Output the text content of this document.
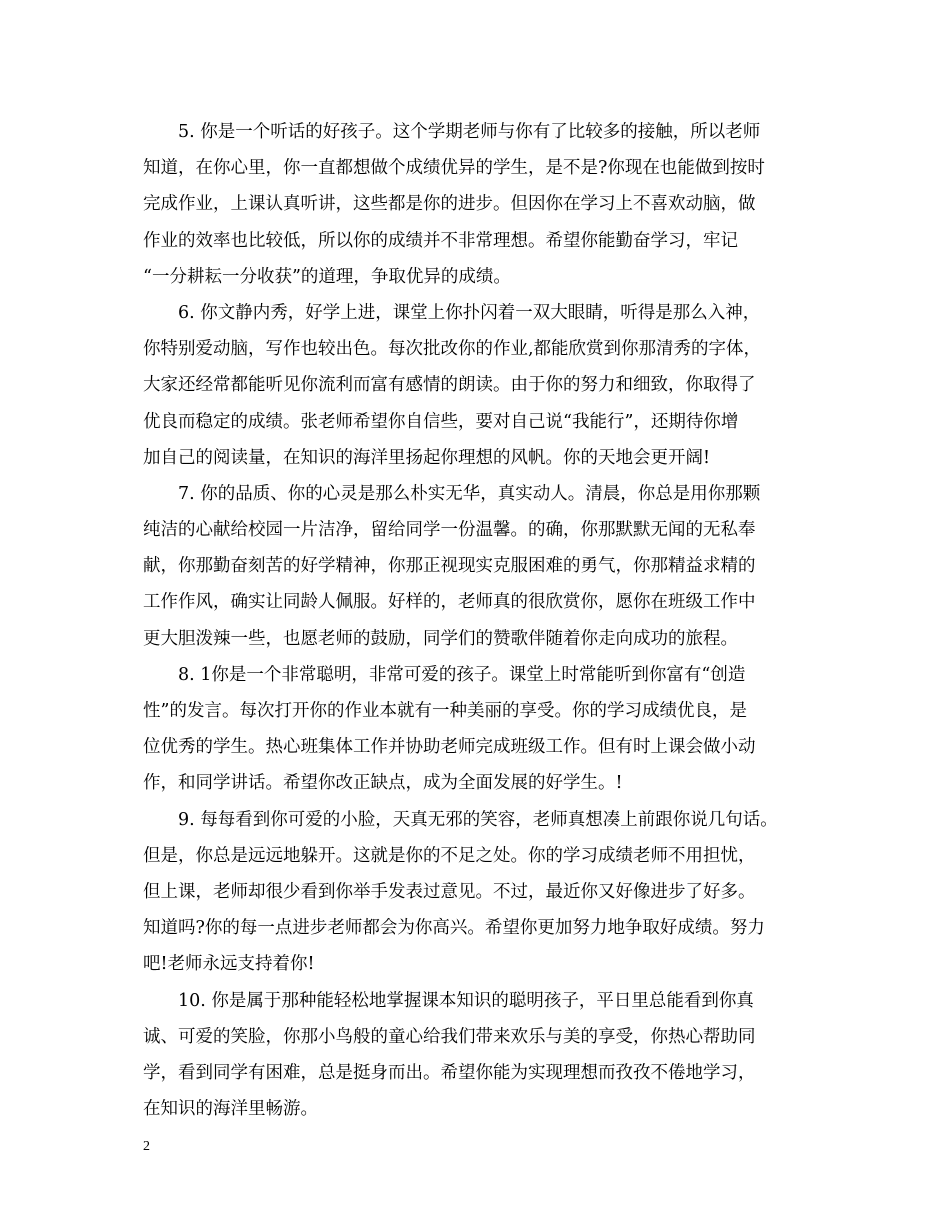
5. 你是一个听话的好孩子。这个学期老师与你有了比较多的接触，所以老师
知道，在你心里，你一直都想做个成绩优异的学生，是不是?你现在也能做到按时
完成作业，上课认真听讲，这些都是你的进步。但因你在学习上不喜欢动脑，做
作业的效率也比较低，所以你的成绩并不非常理想。希望你能勤奋学习，牢记
“一分耕耘一分收获”的道理，争取优异的成绩。
6. 你文静内秀，好学上进，课堂上你扑闪着一双大眼睛，听得是那么入神，
你特别爱动脑，写作也较出色。每次批改你的作业,都能欣赏到你那清秀的字体，
大家还经常都能听见你流利而富有感情的朗读。由于你的努力和细致，你取得了
优良而稳定的成绩。张老师希望你自信些，要对自己说“我能行”，还期待你增
加自己的阅读量，在知识的海洋里扬起你理想的风帆。你的天地会更开阔!
7. 你的品质、你的心灵是那么朴实无华，真实动人。清晨，你总是用你那颗
纯洁的心献给校园一片洁净，留给同学一份温馨。的确，你那默默无闻的无私奉
献，你那勤奋刻苦的好学精神，你那正视现实克服困难的勇气，你那精益求精的
工作作风，确实让同龄人佩服。好样的，老师真的很欣赏你，愿你在班级工作中
更大胆泼辣一些，也愿老师的鼓励，同学们的赞歌伴随着你走向成功的旅程。
8. 1你是一个非常聪明，非常可爱的孩子。课堂上时常能听到你富有“创造
性”的发言。每次打开你的作业本就有一种美丽的享受。你的学习成绩优良，是
位优秀的学生。热心班集体工作并协助老师完成班级工作。但有时上课会做小动
作，和同学讲话。希望你改正缺点，成为全面发展的好学生。!
9. 每每看到你可爱的小脸，天真无邪的笑容，老师真想凑上前跟你说几句话。
但是，你总是远远地躲开。这就是你的不足之处。你的学习成绩老师不用担忧，
但上课，老师却很少看到你举手发表过意见。不过，最近你又好像进步了好多。
知道吗?你的每一点进步老师都会为你高兴。希望你更加努力地争取好成绩。努力
吧!老师永远支持着你!
10. 你是属于那种能轻松地掌握课本知识的聪明孩子，平日里总能看到你真
诚、可爱的笑脸，你那小鸟般的童心给我们带来欢乐与美的享受，你热心帮助同
学，看到同学有困难，总是挺身而出。希望你能为实现理想而孜孜不倦地学习，
在知识的海洋里畅游。
2
